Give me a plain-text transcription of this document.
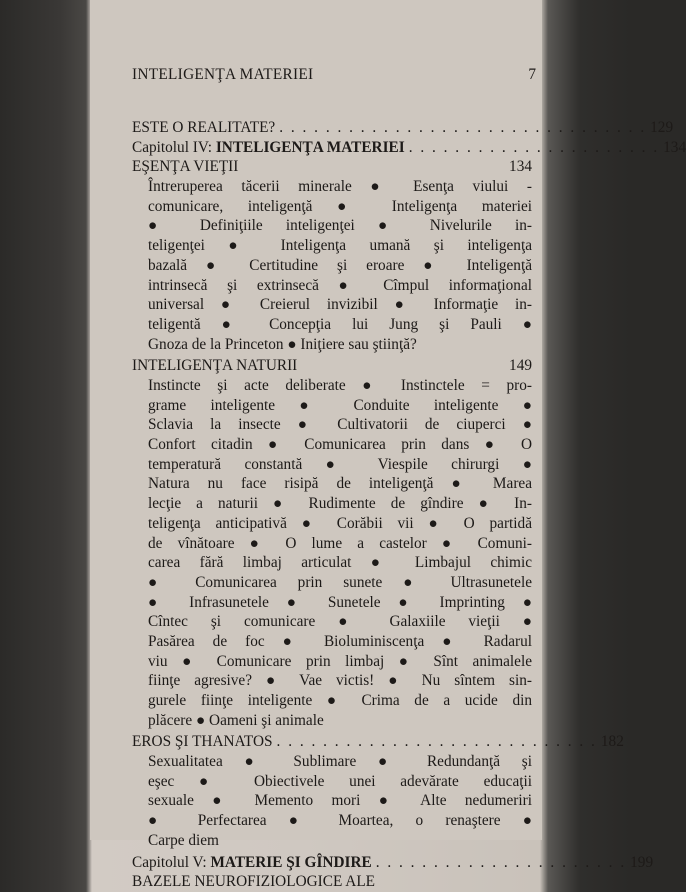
INTELIGENŢA MATERIEI	7
ESTE O REALITATE? . . . . . . . . . . . . . . . . . . . . . . . . . . . . . . . . 129
Capitolul IV: INTELIGENŢA MATERIEI . . . . . . . . . . . . . . . . . . . . . . 134
EŞENŢA VIEŢII	134
Întreruperea tăcerii minerale ● Esenţa viului -
comunicare, inteligenţă ● Inteligenţa materiei
● Definiţiile inteligenţei ● Nivelurile in-
teligenţei ● Inteligenţa umană şi inteligenţa
bazală ● Certitudine şi eroare ● Inteligenţă
intrinsecă şi extrinsecă ● Cîmpul informaţional
universal ● Creierul invizibil ● Informaţie in-
teligentă ● Concepţia lui Jung şi Pauli ●
Gnoza de la Princeton ● Iniţiere sau ştiinţă?
INTELIGENŢA NATURII	149
Instincte şi acte deliberate ● Instinctele = pro-
grame inteligente ● Conduite inteligente ●
Sclavia la insecte ● Cultivatorii de ciuperci ●
Confort citadin ● Comunicarea prin dans ● O
temperatură constantă ● Viespile chirurgi ●
Natura nu face risipă de inteligenţă ● Marea
lecţie a naturii ● Rudimente de gîndire ● In-
teligenţa anticipativă ● Corăbii vii ● O partidă
de vînătoare ● O lume a castelor ● Comuni-
carea fără limbaj articulat ● Limbajul chimic
● Comunicarea prin sunete ● Ultrasunetele
● Infrasunetele ● Sunetele ● Imprinting ●
Cîntec şi comunicare ● Galaxiile vieţii ●
Pasărea de foc ● Bioluminiscenţa ● Radarul
viu ● Comunicare prin limbaj ● Sînt animalele
fiinţe agresive? ● Vae victis! ● Nu sîntem sin-
gurele fiinţe inteligente ● Crima de a ucide din
plăcere ● Oameni şi animale
EROS ŞI THANATOS . . . . . . . . . . . . . . . . . . . . . . . . . . . . 182
Sexualitatea ● Sublimare ● Redundanţă şi
eşec ● Obiectivele unei adevărate educaţii
sexuale ● Memento mori ● Alte nedumeriri
● Perfectarea ● Moartea, o renaştere ●
Carpe diem
Capitolul V: MATERIE ŞI GÎNDIRE . . . . . . . . . . . . . . . . . . . . . . 199
BAZELE NEUROFIZIOLOGICE ALE
